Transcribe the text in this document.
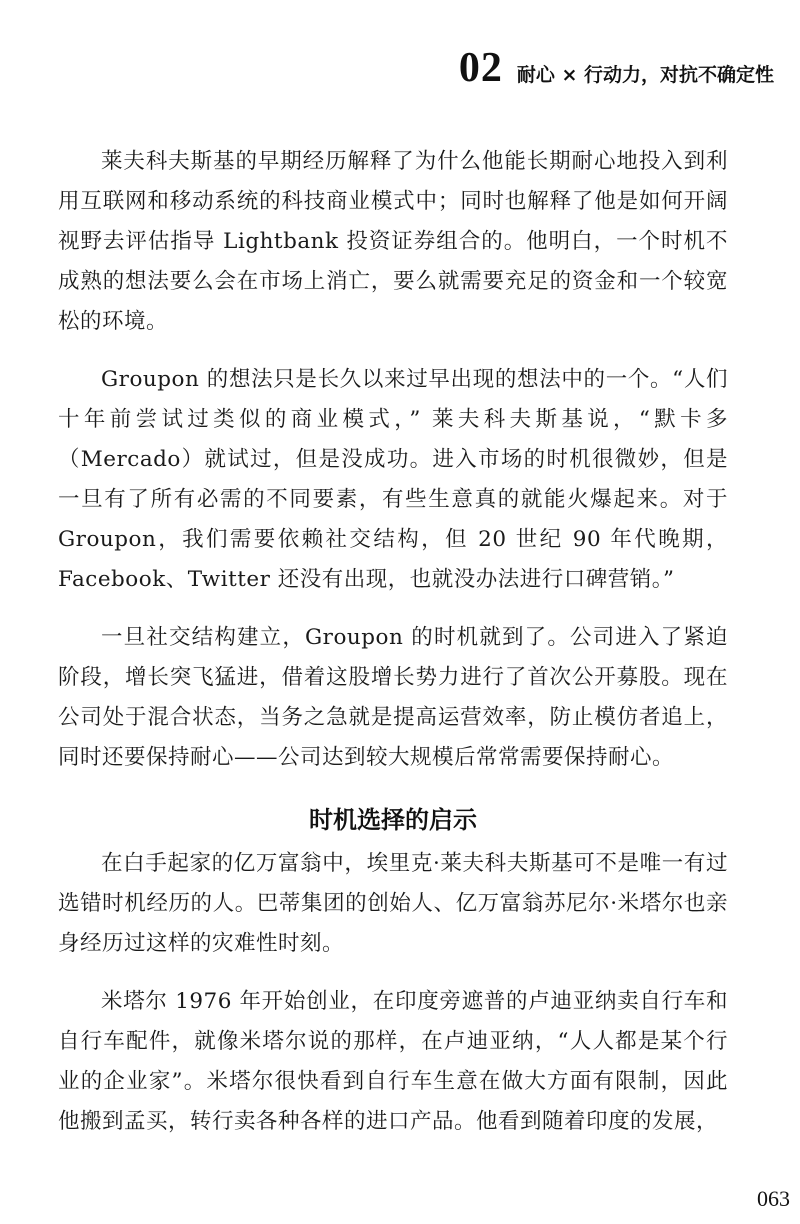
02 耐心 × 行动力，对抗不确定性

莱夫科夫斯基的早期经历解释了为什么他能长期耐心地投入到利用互联网和移动系统的科技商业模式中；同时也解释了他是如何开阔视野去评估指导 Lightbank 投资证券组合的。他明白，一个时机不成熟的想法要么会在市场上消亡，要么就需要充足的资金和一个较宽松的环境。

Groupon 的想法只是长久以来过早出现的想法中的一个。“人们十年前尝试过类似的商业模式，” 莱夫科夫斯基说，“默卡多（Mercado）就试过，但是没成功。进入市场的时机很微妙，但是一旦有了所有必需的不同要素，有些生意真的就能火爆起来。对于 Groupon，我们需要依赖社交结构，但 20 世纪 90 年代晚期，Facebook、Twitter 还没有出现，也就没办法进行口碑营销。”

一旦社交结构建立，Groupon 的时机就到了。公司进入了紧迫阶段，增长突飞猛进，借着这股增长势力进行了首次公开募股。现在公司处于混合状态，当务之急就是提高运营效率，防止模仿者追上，同时还要保持耐心——公司达到较大规模后常常需要保持耐心。

时机选择的启示

在白手起家的亿万富翁中，埃里克·莱夫科夫斯基可不是唯一有过选错时机经历的人。巴蒂集团的创始人、亿万富翁苏尼尔·米塔尔也亲身经历过这样的灾难性时刻。

米塔尔 1976 年开始创业，在印度旁遮普的卢迪亚纳卖自行车和自行车配件，就像米塔尔说的那样，在卢迪亚纳，“人人都是某个行业的企业家”。米塔尔很快看到自行车生意在做大方面有限制，因此他搬到孟买，转行卖各种各样的进口产品。他看到随着印度的发展，

063
